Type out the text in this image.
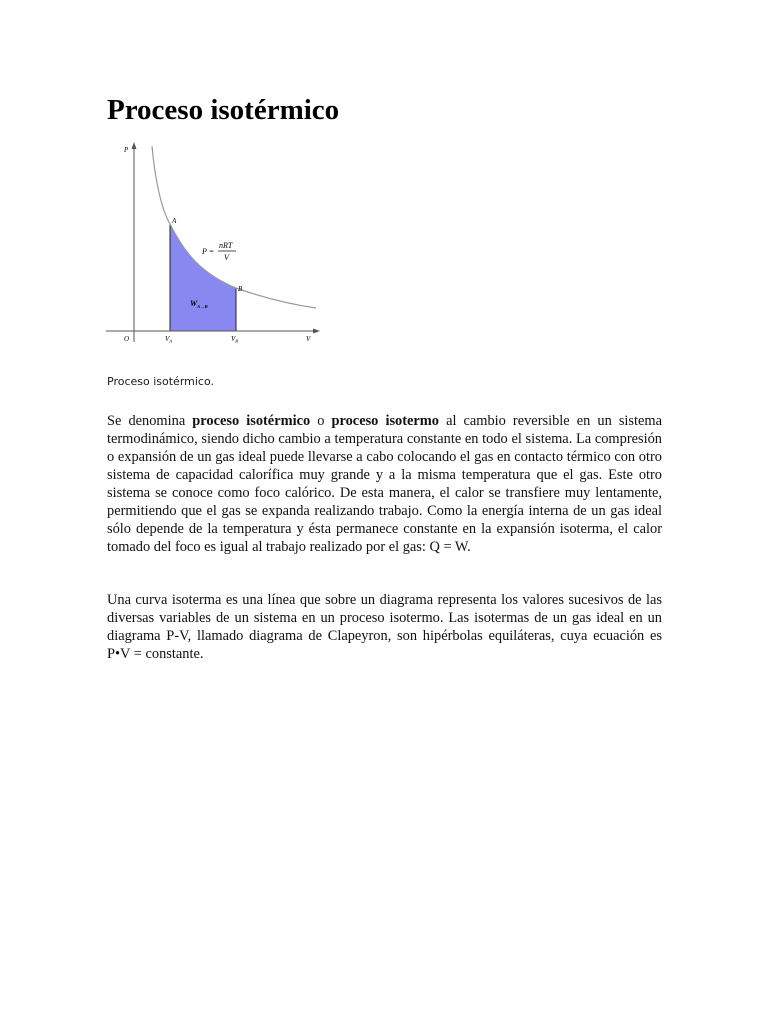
Proceso isotérmico
P
V
O
A
B
$V_A$	$V_B$
P =
nRT
V
$W_{A\to B}$

Proceso isotérmico.

Se denomina proceso isotérmico o proceso isotermo al cambio reversible en un sistema termodinámico, siendo dicho cambio a temperatura constante en todo el sistema. La compresión o expansión de un gas ideal puede llevarse a cabo colocando el gas en contacto térmico con otro sistema de capacidad calorífica muy grande y a la misma temperatura que el gas. Este otro sistema se conoce como foco calórico. De esta manera, el calor se transfiere muy lentamente, permitiendo que el gas se expanda realizando trabajo. Como la energía interna de un gas ideal sólo depende de la temperatura y ésta permanece constante en la expansión isoterma, el calor tomado del foco es igual al trabajo realizado por el gas: Q = W.

Una curva isoterma es una línea que sobre un diagrama representa los valores sucesivos de las diversas variables de un sistema en un proceso isotermo. Las isotermas de un gas ideal en un diagrama P-V, llamado diagrama de Clapeyron, son hipérbolas equiláteras, cuya ecuación es P•V = constante.
